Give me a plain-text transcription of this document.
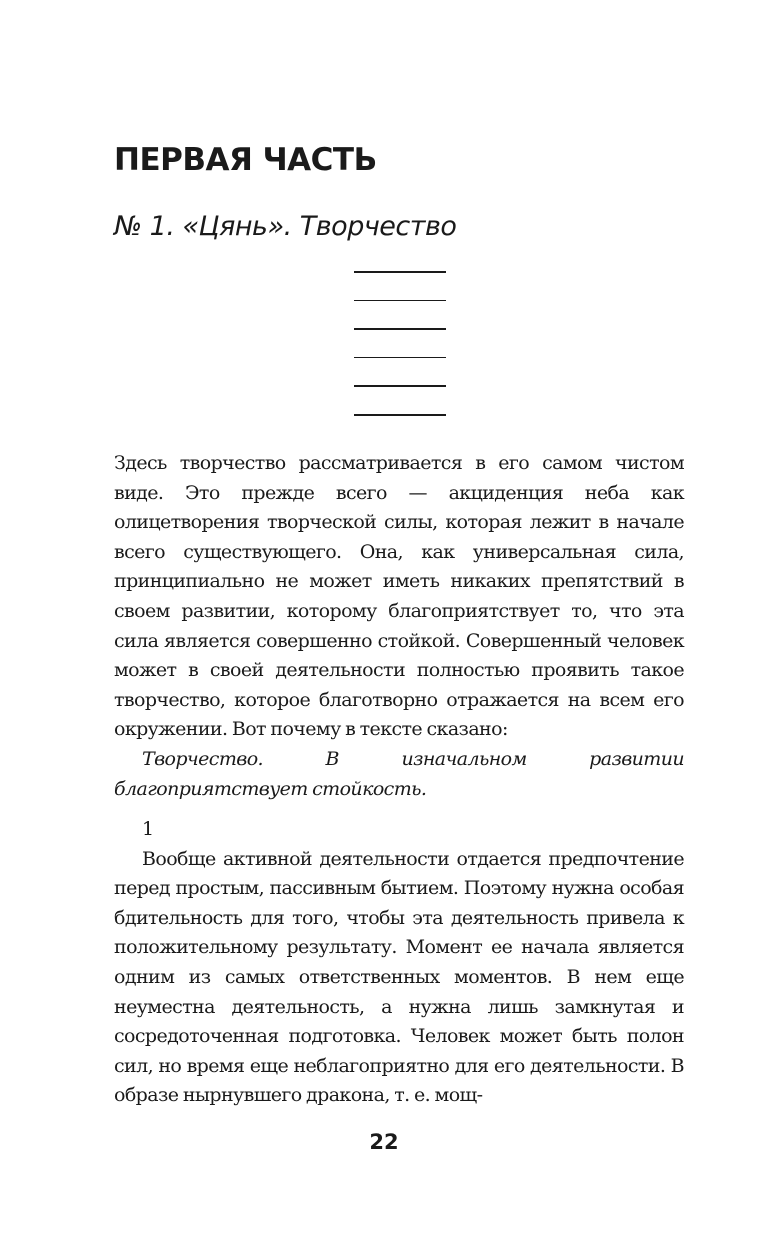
ПЕРВАЯ ЧАСТЬ
№ 1. «Цянь». Творчество

Здесь творчество рассматривается в его самом чистом виде. Это прежде всего — акциденция неба как олицетворения творческой силы, которая лежит в начале всего существующего. Она, как универсальная сила, принципиально не может иметь никаких препятствий в своем развитии, которому благоприятствует то, что эта сила является совершенно стойкой. Совершенный человек может в своей деятельности полностью проявить такое творчество, которое благотворно отражается на всем его окружении. Вот почему в тексте сказано:

Творчество. В изначальном развитии благоприятствует стойкость.

1

Вообще активной деятельности отдается предпочтение перед простым, пассивным бытием. Поэтому нужна особая бдительность для того, чтобы эта деятельность привела к положительному результату. Момент ее начала является одним из самых ответственных моментов. В нем еще неуместна деятельность, а нужна лишь замкнутая и сосредоточенная подготовка. Человек может быть полон сил, но время еще неблагоприятно для его деятельности. В образе нырнувшего дракона, т. е. мощ-

22
